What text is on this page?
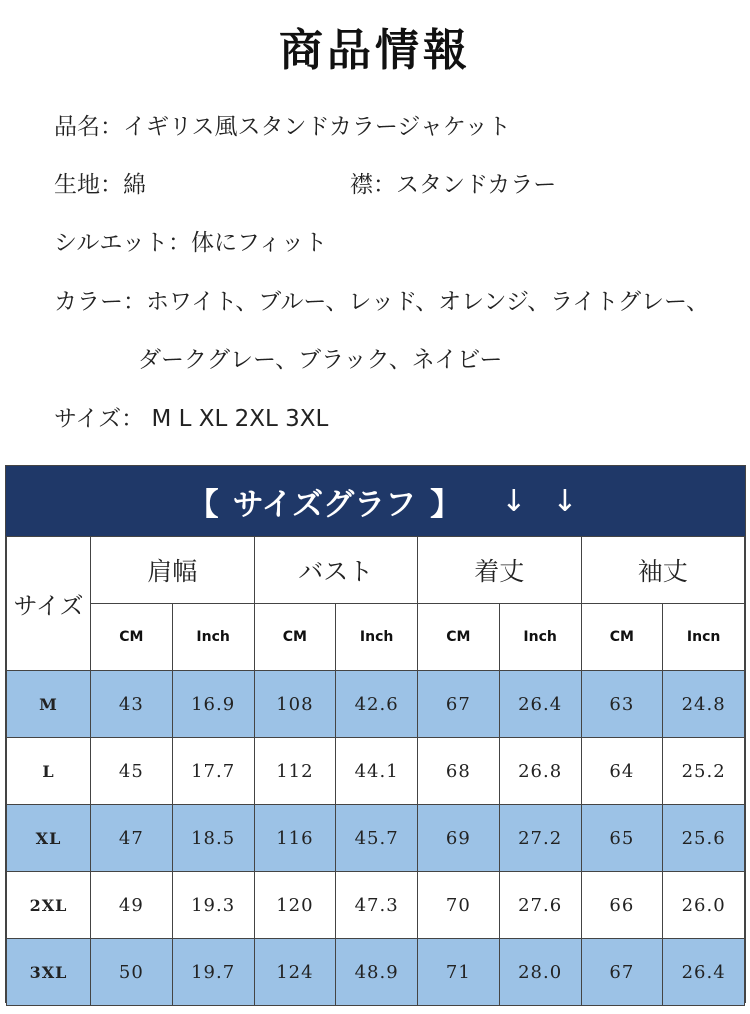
商品情報
品名：イギリス風スタンドカラージャケット
生地：綿	襟：スタンドカラー
シルエット：体にフィット
カラー：ホワイト、ブルー、レッド、オレンジ、ライトグレー、
ダークグレー、ブラック、ネイビー
サイズ： M L XL 2XL 3XL
【 サイズグラフ 】 ↓ ↓
サイズ	肩幅		バスト		着丈		袖丈	
	CM	Inch	CM	Inch	CM	Inch	CM	Incn
M	43	16.9	108	42.6	67	26.4	63	24.8
L	45	17.7	112	44.1	68	26.8	64	25.2
XL	47	18.5	116	45.7	69	27.2	65	25.6
2XL	49	19.3	120	47.3	70	27.6	66	26.0
3XL	50	19.7	124	48.9	71	28.0	67	26.4
